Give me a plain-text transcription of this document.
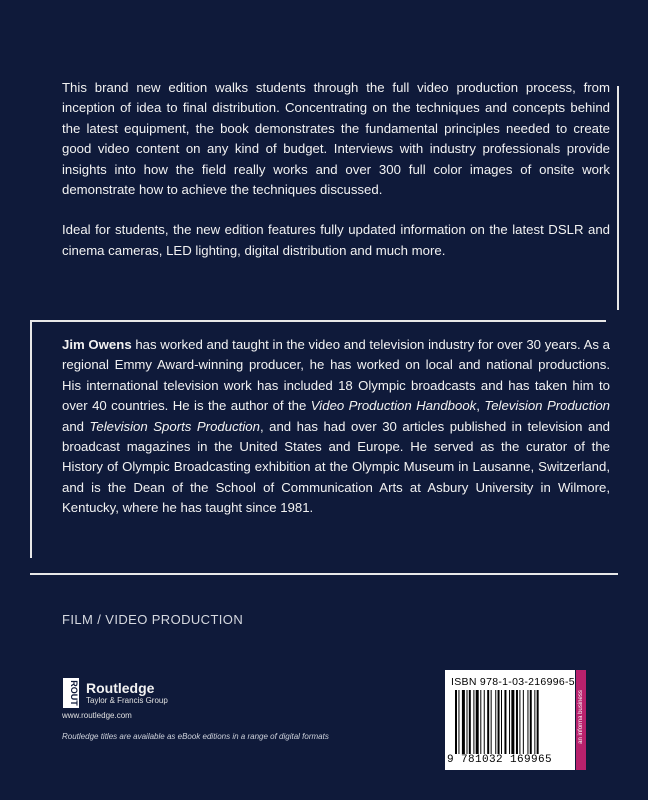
This brand new edition walks students through the full video production process, from inception of idea to final distribution. Concentrating on the techniques and concepts behind the latest equipment, the book demonstrates the fundamental principles needed to create good video content on any kind of budget. Interviews with industry professionals provide insights into how the field really works and over 300 full color images of onsite work demonstrate how to achieve the techniques discussed.

Ideal for students, the new edition features fully updated information on the latest DSLR and cinema cameras, LED lighting, digital distribution and much more.

Jim Owens has worked and taught in the video and television industry for over 30 years. As a regional Emmy Award-winning producer, he has worked on local and national productions. His international television work has included 18 Olympic broadcasts and has taken him to over 40 countries. He is the author of the Video Production Handbook, Television Production and Television Sports Production, and has had over 30 articles published in television and broadcast magazines in the United States and Europe. He served as the curator of the History of Olympic Broadcasting exhibition at the Olympic Museum in Lausanne, Switzerland, and is the Dean of the School of Communication Arts at Asbury University in Wilmore, Kentucky, where he has taught since 1981.

FILM / VIDEO PRODUCTION
ROUT Routledge
Taylor & Francis Group
www.routledge.com
Routledge titles are available as eBook editions in a range of digital formats
ISBN 978-1-03-216996-5
9 781032 169965
an informa business
